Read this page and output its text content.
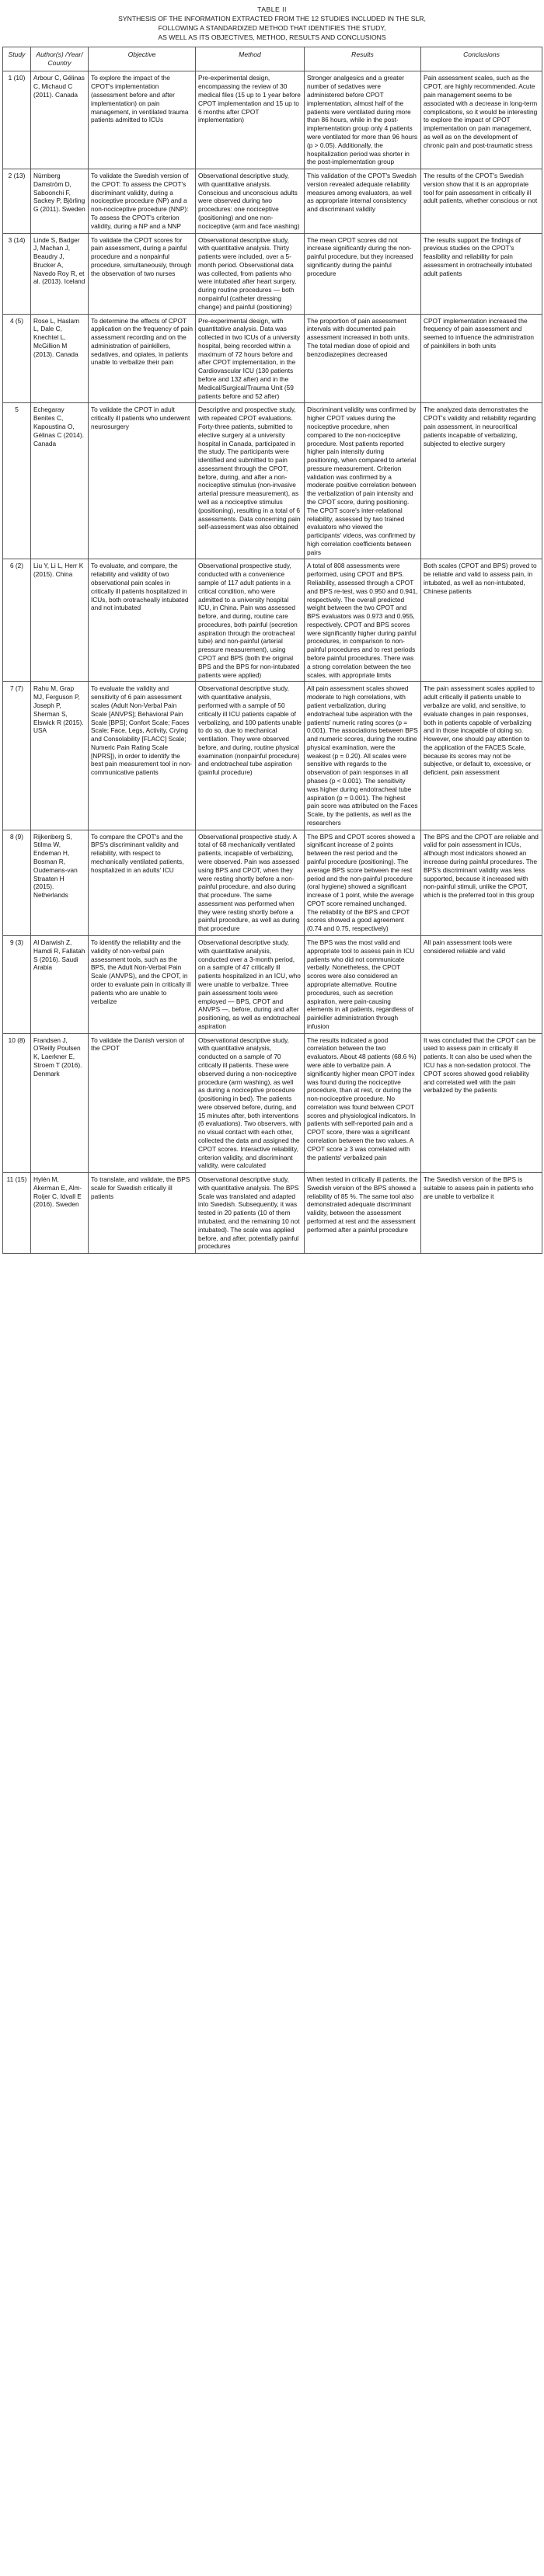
TABLE II
SYNTHESIS OF THE INFORMATION EXTRACTED FROM THE 12 STUDIES INCLUDED IN THE SLR,
FOLLOWING A STANDARDIZED METHOD THAT IDENTIFIES THE STUDY,
AS WELL AS ITS OBJECTIVES, METHOD, RESULTS AND CONCLUSIONS
Study	Author(s) /Year/ Country	Objective	Method	Results	Conclusions
1 (10)	Arbour C, Gélinas C, Michaud C (2011). Canada	To explore the impact of the CPOT's implementation (assessment before and after implementation) on pain management, in ventilated trauma patients admitted to ICUs	Pre-experimental design, encompassing the review of 30 medical files (15 up to 1 year before CPOT implementation and 15 up to 6 months after CPOT implementation)	Stronger analgesics and a greater number of sedatives were administered before CPOT implementation, almost half of the patients were ventilated during more than 86 hours, while in the post-implementation group only 4 patients were ventilated for more than 96 hours (p > 0.05). Additionally, the hospitalization period was shorter in the post-implementation group	Pain assessment scales, such as the CPOT, are highly recommended. Acute pain management seems to be associated with a decrease in long-term complications, so it would be interesting to explore the impact of CPOT implementation on pain management, as well as on the development of chronic pain and post-traumatic stress
2 (13)	Nürnberg Damström D, Saboonchi F, Sackey P, Björling G (2011). Sweden	To validate the Swedish version of the CPOT: To assess the CPOT's discriminant validity, during a nociceptive procedure (NP) and a non-nociceptive procedure (NNP): To assess the CPOT's criterion validity, during a NP and a NNP	Observational descriptive study, with quantitative analysis. Conscious and unconscious adults were observed during two procedures: one nociceptive (positioning) and one non-nociceptive (arm and face washing)	This validation of the CPOT's Swedish version revealed adequate reliability measures among evaluators, as well as appropriate internal consistency and discriminant validity	The results of the CPOT's Swedish version show that it is an appropriate tool for pain assessment in critically ill adult patients, whether conscious or not
3 (14)	Linde S, Badger J, Machan J, Beaudry J, Brucker A, Navedo Roy R, et al. (2013). Iceland	To validate the CPOT scores for pain assessment, during a painful procedure and a nonpainful procedure, simultaneously, through the observation of two nurses	Observational descriptive study, with quantitative analysis. Thirty patients were included, over a 5-month period. Observational data was collected, from patients who were intubated after heart surgery, during routine procedures — both nonpainful (catheter dressing change) and painful (positioning)	The mean CPOT scores did not increase significantly during the non-painful procedure, but they increased significantly during the painful procedure	The results support the findings of previous studies on the CPOT's feasibility and reliability for pain assessment in orotracheally intubated adult patients
4 (5)	Rose L, Haslam L, Dale C, Knechtel L, McGillion M (2013). Canada	To determine the effects of CPOT application on the frequency of pain assessment recording and on the administration of painkillers, sedatives, and opiates, in patients unable to verbalize their pain	Pre-experimental design, with quantitative analysis. Data was collected in two ICUs of a university hospital, being recorded within a maximum of 72 hours before and after CPOT implementation, in the Cardiovascular ICU (130 patients before and 132 after) and in the Medical/Surgical/Trauma Unit (59 patients before and 52 after)	The proportion of pain assessment intervals with documented pain assessment increased in both units. The total median dose of opioid and benzodiazepines decreased	CPOT implementation increased the frequency of pain assessment and seemed to influence the administration of painkillers in both units
5	Echegaray Benites C, Kapoustina O, Gélinas C (2014). Canada	To validate the CPOT in adult critically ill patients who underwent neurosurgery	Descriptive and prospective study, with repeated CPOT evaluations. Forty-three patients, submitted to elective surgery at a university hospital in Canada, participated in the study. The participants were identified and submitted to pain assessment through the CPOT, before, during, and after a non-nociceptive stimulus (non-invasive arterial pressure measurement), as well as a nociceptive stimulus (positioning), resulting in a total of 6 assessments. Data concerning pain self-assessment was also obtained	Discriminant validity was confirmed by higher CPOT values during the nociceptive procedure, when compared to the non-nociceptive procedure. Most patients reported higher pain intensity during positioning, when compared to arterial pressure measurement. Criterion validation was confirmed by a moderate positive correlation between the verbalization of pain intensity and the CPOT score, during positioning. The CPOT score's inter-relational reliability, assessed by two trained evaluators who viewed the participants' videos, was confirmed by high correlation coefficients between pairs	The analyzed data demonstrates the CPOT's validity and reliability regarding pain assessment, in neurocritical patients incapable of verbalizing, subjected to elective surgery
6 (2)	Liu Y, Li L, Herr K (2015). China	To evaluate, and compare, the reliability and validity of two observational pain scales in critically ill patients hospitalized in ICUs, both orotracheally intubated and not intubated	Observational prospective study, conducted with a convenience sample of 117 adult patients in a critical condition, who were admitted to a university hospital ICU, in China. Pain was assessed before, and during, routine care procedures, both painful (secretion aspiration through the orotracheal tube) and non-painful (arterial pressure measurement), using CPOT and BPS (both the original BPS and the BPS for non-intubated patients were applied)	A total of 808 assessments were performed, using CPOT and BPS. Reliability, assessed through a CPOT and BPS re-test, was 0.950 and 0.941, respectively. The overall predicted weight between the two CPOT and BPS evaluators was 0.973 and 0.955, respectively. CPOT and BPS scores were significantly higher during painful procedures, in comparison to non-painful procedures and to rest periods before painful procedures. There was a strong correlation between the two scales, with appropriate limits	Both scales (CPOT and BPS) proved to be reliable and valid to assess pain, in intubated, as well as non-intubated, Chinese patients
7 (7)	Rahu M, Grap MJ, Ferguson P, Joseph P, Sherman S, Elswick R (2015). USA	To evaluate the validity and sensitivity of 6 pain assessment scales (Adult Non-Verbal Pain Scale [ANVPS]; Behavioral Pain Scale [BPS]; Confort Scale; Faces Scale; Face, Legs, Activity, Crying and Consolability [FLACC] Scale; Numeric Pain Rating Scale [NPRS]), in order to identify the best pain measurement tool in non-communicative patients	Observational descriptive study, with quantitative analysis, performed with a sample of 50 critically ill ICU patients capable of verbalizing, and 100 patients unable to do so, due to mechanical ventilation. They were observed before, and during, routine physical examination (nonpainful procedure) and endotracheal tube aspiration (painful procedure)	All pain assessment scales showed moderate to high correlations, with patient verbalization, during endotracheal tube aspiration with the patients' numeric rating scores (p = 0.001). The associations between BPS and numeric scores, during the routine physical examination, were the weakest (p = 0.20). All scales were sensitive with regards to the observation of pain responses in all phases (p < 0.001). The sensitivity was higher during endotracheal tube aspiration (p = 0.001). The highest pain score was attributed on the Faces Scale, by the patients, as well as the researchers	The pain assessment scales applied to adult critically ill patients unable to verbalize are valid, and sensitive, to evaluate changes in pain responses, both in patients capable of verbalizing and in those incapable of doing so. However, one should pay attention to the application of the FACES Scale, because its scores may not be subjective, or default to, excessive, or deficient, pain assessment
8 (9)	Rijkenberg S, Stilma W, Endeman H, Bosman R, Oudemans-van Straaten H (2015). Netherlands	To compare the CPOT's and the BPS's discriminant validity and reliability, with respect to mechanically ventilated patients, hospitalized in an adults' ICU	Observational prospective study. A total of 68 mechanically ventilated patients, incapable of verbalizing, were observed. Pain was assessed using BPS and CPOT, when they were resting shortly before a non-painful procedure, and also during that procedure. The same assessment was performed when they were resting shortly before a painful procedure, as well as during that procedure	The BPS and CPOT scores showed a significant increase of 2 points between the rest period and the painful procedure (positioning). The average BPS score between the rest period and the non-painful procedure (oral hygiene) showed a significant increase of 1 point, while the average CPOT score remained unchanged. The reliability of the BPS and CPOT scores showed a good agreement (0.74 and 0.75, respectively)	The BPS and the CPOT are reliable and valid for pain assessment in ICUs, although most indicators showed an increase during painful procedures. The BPS's discriminant validity was less supported, because it increased with non-painful stimuli, unlike the CPOT, which is the preferred tool in this group
9 (3)	Al Darwish Z, Hamdi R, Fallatah S (2016). Saudi Arabia	To identify the reliability and the validity of non-verbal pain assessment tools, such as the BPS, the Adult Non-Verbal Pain Scale (ANVPS), and the CPOT, in order to evaluate pain in critically ill patients who are unable to verbalize	Observational descriptive study, with quantitative analysis, conducted over a 3-month period, on a sample of 47 critically ill patients hospitalized in an ICU, who were unable to verbalize. Three pain assessment tools were employed — BPS, CPOT and ANVPS —, before, during and after positioning, as well as endotracheal aspiration	The BPS was the most valid and appropriate tool to assess pain in ICU patients who did not communicate verbally. Nonetheless, the CPOT scores were also considered an appropriate alternative. Routine procedures, such as secretion aspiration, were pain-causing elements in all patients, regardless of painkiller administration through infusion	All pain assessment tools were considered reliable and valid
10 (8)	Frandsen J, O'Reilly Poulsen K, Laerkner E, Stroem T (2016). Denmark	To validate the Danish version of the CPOT	Observational descriptive study, with quantitative analysis, conducted on a sample of 70 critically ill patients. These were observed during a non-nociceptive procedure (arm washing), as well as during a nociceptive procedure (positioning in bed). The patients were observed before, during, and 15 minutes after, both interventions (6 evaluations). Two observers, with no visual contact with each other, collected the data and assigned the CPOT scores. Interactive reliability, criterion validity, and discriminant validity, were calculated	The results indicated a good correlation between the two evaluators. About 48 patients (68.6 %) were able to verbalize pain. A significantly higher mean CPOT index was found during the nociceptive procedure, than at rest, or during the non-nociceptive procedure. No correlation was found between CPOT scores and physiological indicators. In patients with self-reported pain and a CPOT score, there was a significant correlation between the two values. A CPOT score ≥ 3 was correlated with the patients' verbalized pain	It was concluded that the CPOT can be used to assess pain in critically ill patients. It can also be used when the ICU has a non-sedation protocol. The CPOT scores showed good reliability and correlated well with the pain verbalized by the patients
11 (15)	Hylén M, Akerman E, Alm-Roijer C, Idvall E (2016). Sweden	To translate, and validate, the BPS scale for Swedish critically ill patients	Observational descriptive study, with quantitative analysis. The BPS Scale was translated and adapted into Swedish. Subsequently, it was tested in 20 patients (10 of them intubated, and the remaining 10 not intubated). The scale was applied before, and after, potentially painful procedures	When tested in critically ill patients, the Swedish version of the BPS showed a reliability of 85 %. The same tool also demonstrated adequate discriminant validity, between the assessment performed at rest and the assessment performed after a painful procedure	The Swedish version of the BPS is suitable to assess pain in patients who are unable to verbalize it
